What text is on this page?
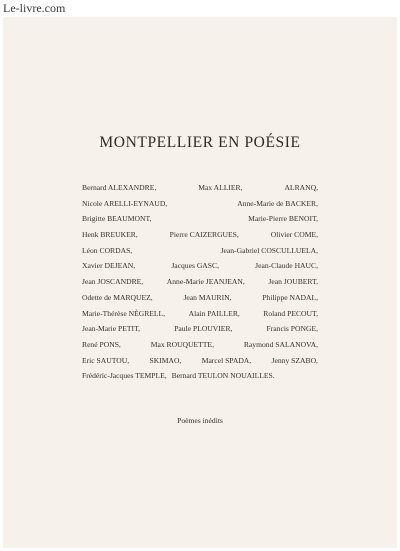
Le-livre.com
MONTPELLIER EN POÉSIE
Bernard ALEXANDRE,	Max ALLIER,	ALRANQ,
Nicole ARELLI-EYNAUD,	Anne-Marie de BACKER,
Brigitte BEAUMONT,	Marie-Pierre BENOIT,
Henk BREUKER,	Pierre CAIZERGUES,	Olivier COME,
Léon CORDAS,	Jean-Gabriel COSCULLUELA,
Xavier DEJEAN,	Jacques GASC,	Jean-Claude HAUC,
Jean JOSCANDRE,	Anne-Marie JEANJEAN,	Jean JOUBERT,
Odette de MARQUEZ,	Jean MAURIN,	Philippe NADAL,
Marie-Thérèse NÈGRELL,	Alain PAILLER,	Roland PECOUT,
Jean-Marie PETIT,	Paule PLOUVIER,	Francis PONGE,
René PONS,	Max ROUQUETTE,	Raymond SALANOVA,
Eric SAUTOU,	SKIMAO,	Marcel SPADA,	Jenny SZABO,
Frédéric-Jacques TEMPLE, Bernard TEULON NOUAILLES.
Poèmes inédits
